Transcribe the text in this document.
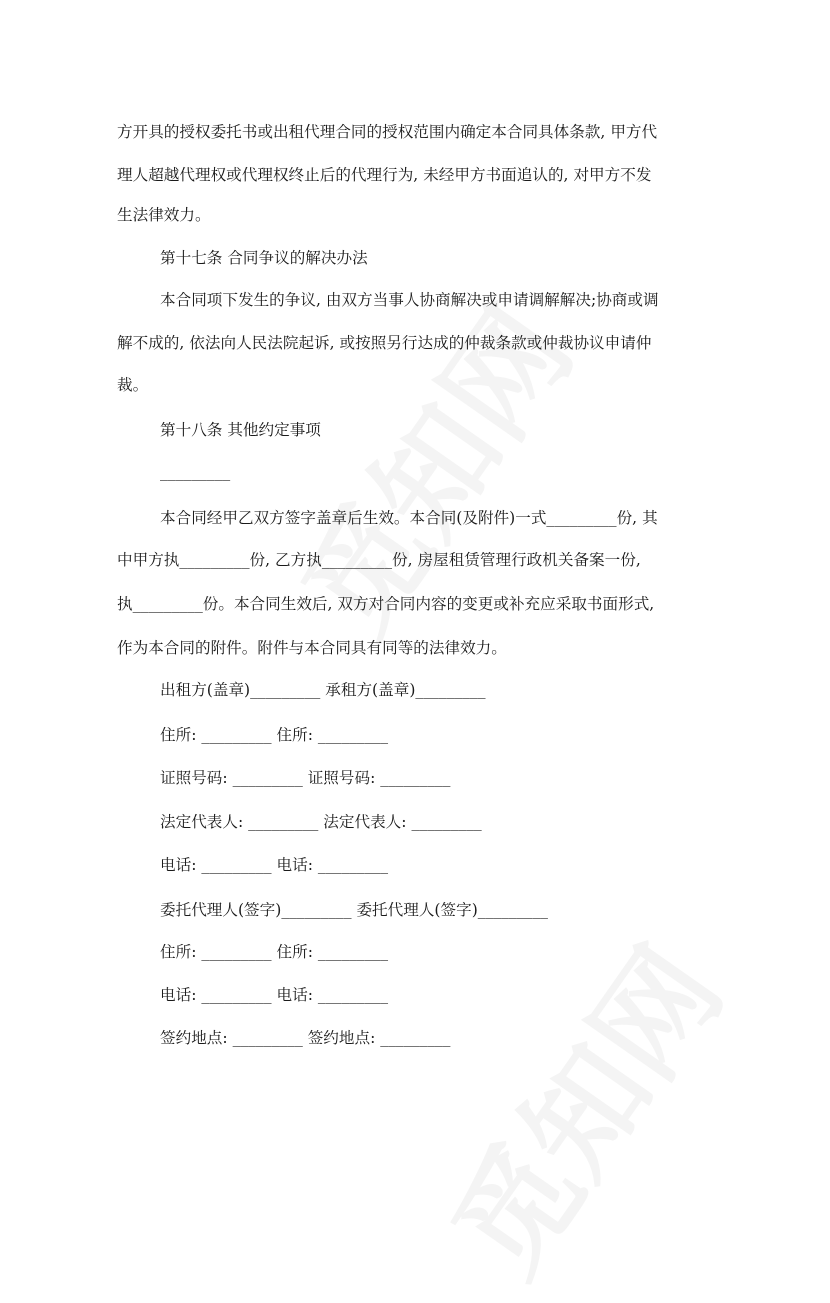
方开具的授权委托书或出租代理合同的授权范围内确定本合同具体条款, 甲方代
理人超越代理权或代理权终止后的代理行为, 未经甲方书面追认的, 对甲方不发
生法律效力。
第十七条 合同争议的解决办法
本合同项下发生的争议, 由双方当事人协商解决或申请调解解决;协商或调
解不成的, 依法向人民法院起诉, 或按照另行达成的仲裁条款或仲裁协议申请仲
裁。
第十八条 其他约定事项
_________
本合同经甲乙双方签字盖章后生效。本合同(及附件)一式_________份, 其
中甲方执_________份, 乙方执_________份, 房屋租赁管理行政机关备案一份,
执_________份。本合同生效后, 双方对合同内容的变更或补充应采取书面形式,
作为本合同的附件。附件与本合同具有同等的法律效力。
出租方(盖章)_________ 承租方(盖章)_________
住所: _________ 住所: _________
证照号码: _________ 证照号码: _________
法定代表人: _________ 法定代表人: _________
电话: _________ 电话: _________
委托代理人(签字)_________ 委托代理人(签字)_________
住所: _________ 住所: _________
电话: _________ 电话: _________
签约地点: _________ 签约地点: _________
